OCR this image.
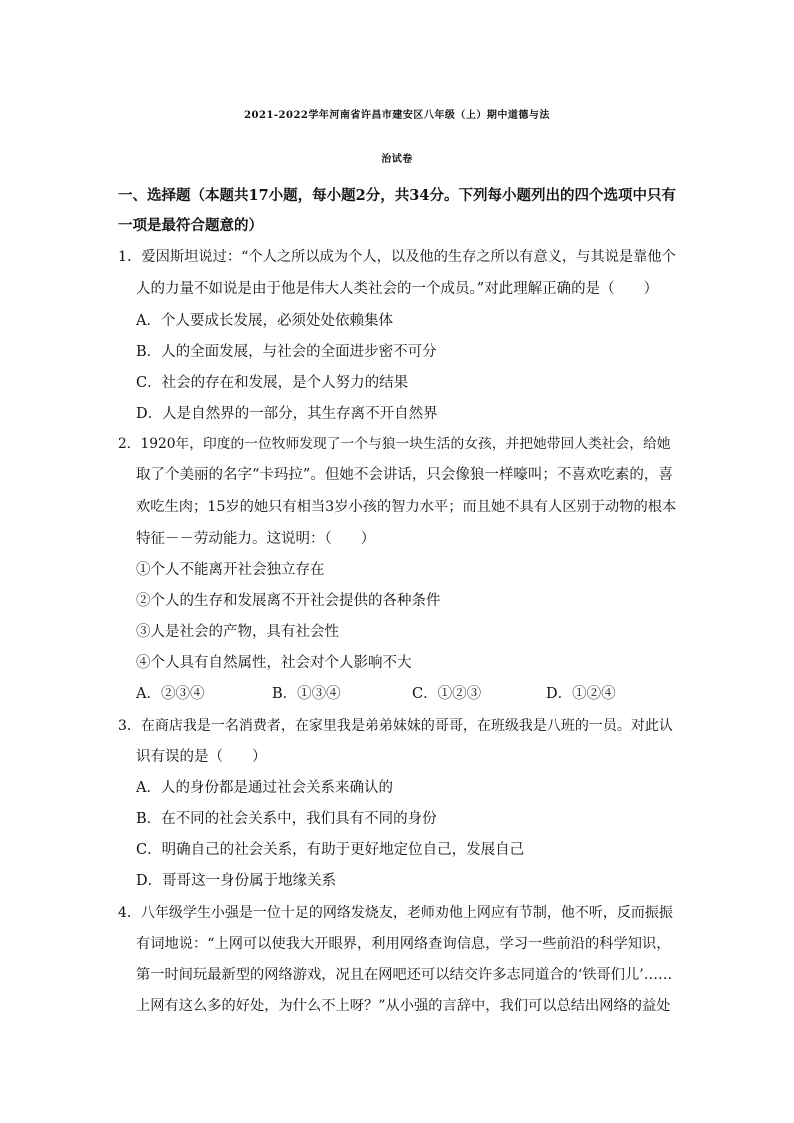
2021-2022学年河南省许昌市建安区八年级（上）期中道德与法
治试卷
一、选择题（本题共17小题，每小题2分，共34分。下列每小题列出的四个选项中只有
一项是最符合题意的）
1．爱因斯坦说过：“个人之所以成为个人，以及他的生存之所以有意义，与其说是靠他个
人的力量不如说是由于他是伟大人类社会的一个成员。”对此理解正确的是（　　）
A．个人要成长发展，必须处处依赖集体
B．人的全面发展，与社会的全面进步密不可分
C．社会的存在和发展，是个人努力的结果
D．人是自然界的一部分，其生存离不开自然界
2．1920年，印度的一位牧师发现了一个与狼一块生活的女孩，并把她带回人类社会，给她
取了个美丽的名字“卡玛拉”。但她不会讲话，只会像狼一样嚎叫；不喜欢吃素的，喜
欢吃生肉；15岁的她只有相当3岁小孩的智力水平；而且她不具有人区别于动物的根本
特征－－劳动能力。这说明：（　　）
①个人不能离开社会独立存在
②个人的生存和发展离不开社会提供的各种条件
③人是社会的产物，具有社会性
④个人具有自然属性，社会对个人影响不大
A．②③④	B．①③④	C．①②③	D．①②④
3．在商店我是一名消费者，在家里我是弟弟妹妹的哥哥，在班级我是八班的一员。对此认
识有误的是（　　）
A．人的身份都是通过社会关系来确认的
B．在不同的社会关系中，我们具有不同的身份
C．明确自己的社会关系，有助于更好地定位自己，发展自己
D．哥哥这一身份属于地缘关系
4．八年级学生小强是一位十足的网络发烧友，老师劝他上网应有节制，他不听，反而振振
有词地说：“上网可以使我大开眼界，利用网络查询信息，学习一些前沿的科学知识，
第一时间玩最新型的网络游戏，况且在网吧还可以结交许多志同道合的‘铁哥们儿’……
上网有这么多的好处，为什么不上呀？”从小强的言辞中，我们可以总结出网络的益处
